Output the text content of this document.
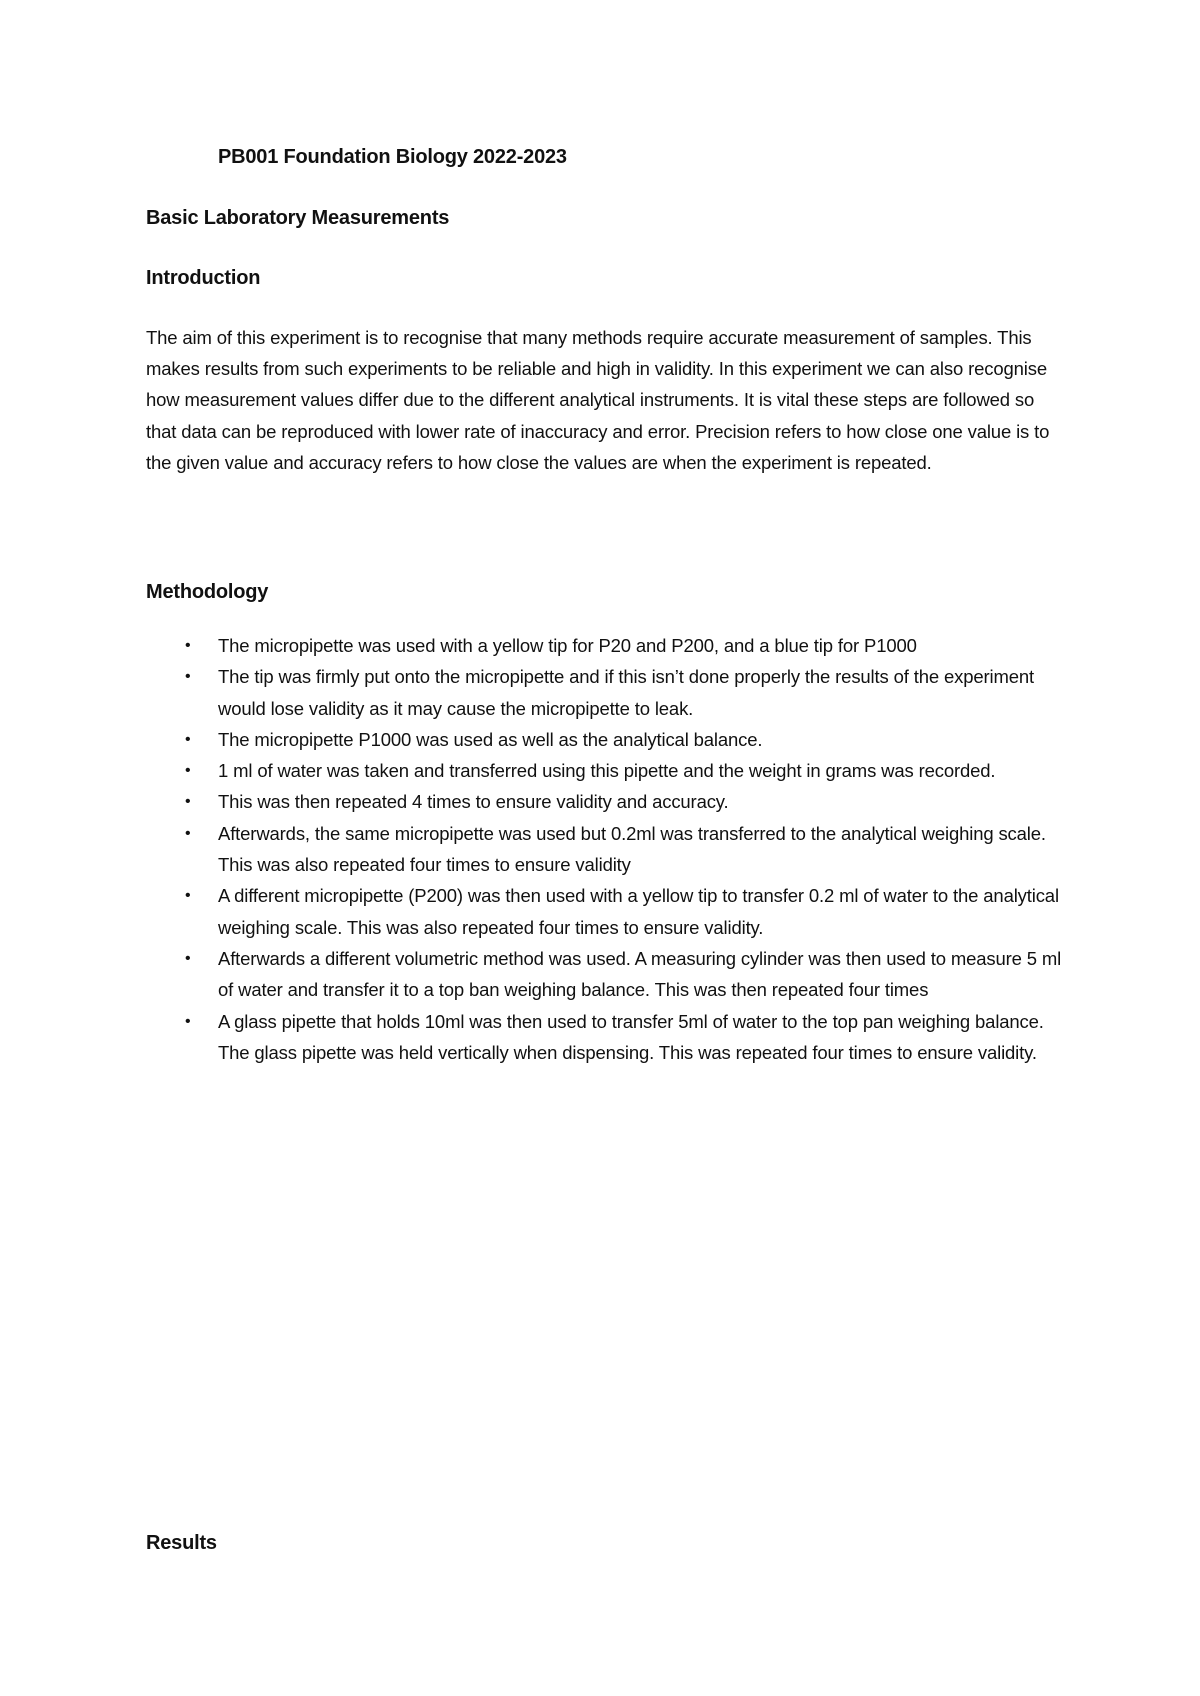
PB001 Foundation Biology 2022-2023
Basic Laboratory Measurements
Introduction

The aim of this experiment is to recognise that many methods require accurate measurement of samples. This makes results from such experiments to be reliable and high in validity. In this experiment we can also recognise how measurement values differ due to the different analytical instruments. It is vital these steps are followed so that data can be reproduced with lower rate of inaccuracy and error. Precision refers to how close one value is to the given value and accuracy refers to how close the values are when the experiment is repeated.

Methodology
• The micropipette was used with a yellow tip for P20 and P200, and a blue tip for P1000
• The tip was firmly put onto the micropipette and if this isn’t done properly the results of the experiment would lose validity as it may cause the micropipette to leak.
• The micropipette P1000 was used as well as the analytical balance.
• 1 ml of water was taken and transferred using this pipette and the weight in grams was recorded.
• This was then repeated 4 times to ensure validity and accuracy.
• Afterwards, the same micropipette was used but 0.2ml was transferred to the analytical weighing scale. This was also repeated four times to ensure validity
• A different micropipette (P200) was then used with a yellow tip to transfer 0.2 ml of water to the analytical weighing scale. This was also repeated four times to ensure validity.
• Afterwards a different volumetric method was used. A measuring cylinder was then used to measure 5 ml of water and transfer it to a top ban weighing balance. This was then repeated four times
• A glass pipette that holds 10ml was then used to transfer 5ml of water to the top pan weighing balance. The glass pipette was held vertically when dispensing. This was repeated four times to ensure validity.
Results
